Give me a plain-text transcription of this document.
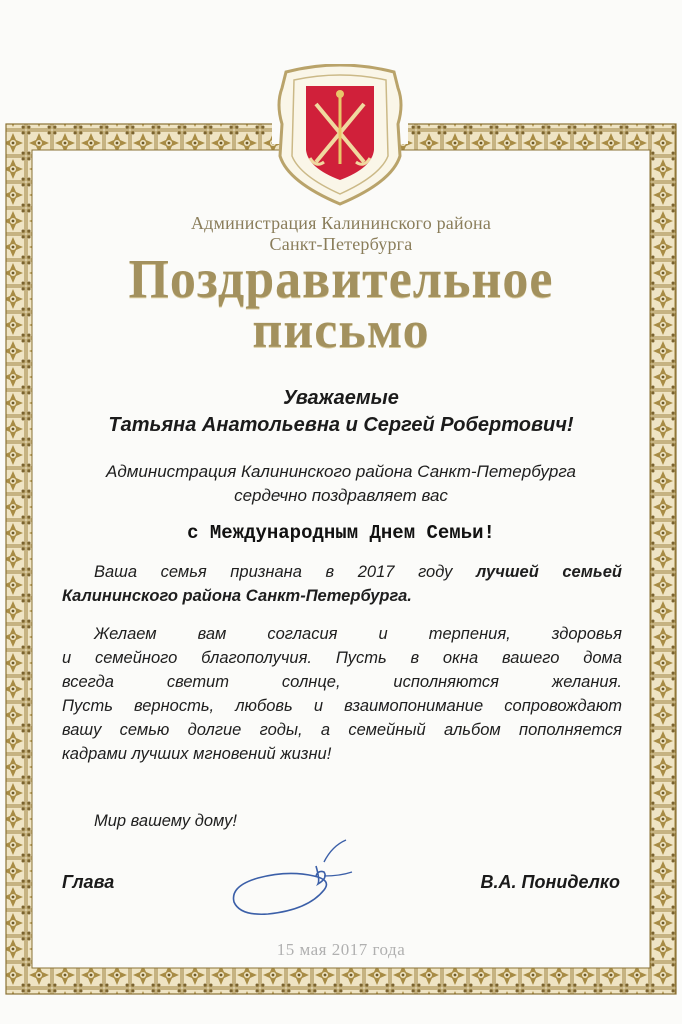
Администрация Калининского района
Санкт-Петербурга
Поздравительное
письмо
Уважаемые
Татьяна Анатольевна и Сергей Робертович!
Администрация Калининского района Санкт-Петербурга
сердечно поздравляет вас
с Международным Днем Семьи!
Ваша семья признана в 2017 году лучшей семьей
Калининского района Санкт-Петербурга.
Желаем вам согласия и терпения, здоровья
и семейного благополучия. Пусть в окна вашего дома
всегда светит солнце, исполняются желания.
Пусть верность, любовь и взаимопонимание сопровождают
вашу семью долгие годы, а семейный альбом пополняется
кадрами лучших мгновений жизни!
Мир вашему дому!
Глава	В.А. Пониделко
15 мая 2017 года
